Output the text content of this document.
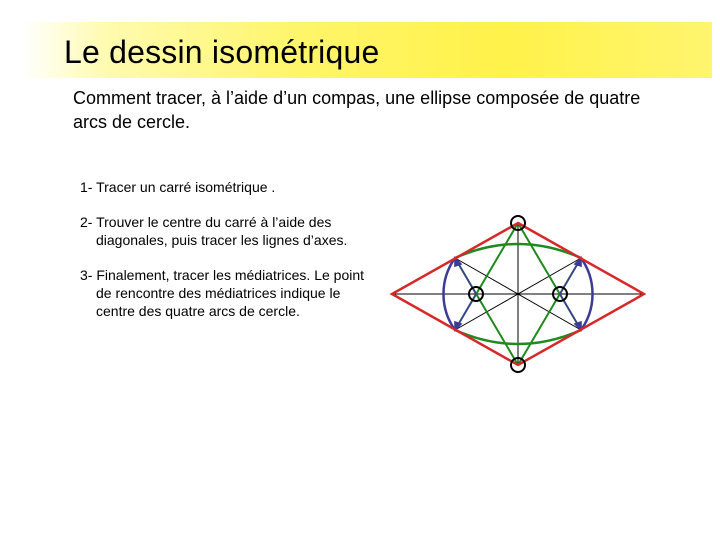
Le dessin isométrique

Comment tracer, à l’aide d’un compas, une ellipse composée de quatre arcs de cercle.

1- Tracer un carré isométrique .

2- Trouver le centre du carré à l’aide des diagonales, puis tracer les lignes d’axes.

3- Finalement, tracer les médiatrices. Le point de rencontre des médiatrices indique le centre des quatre arcs de cercle.
